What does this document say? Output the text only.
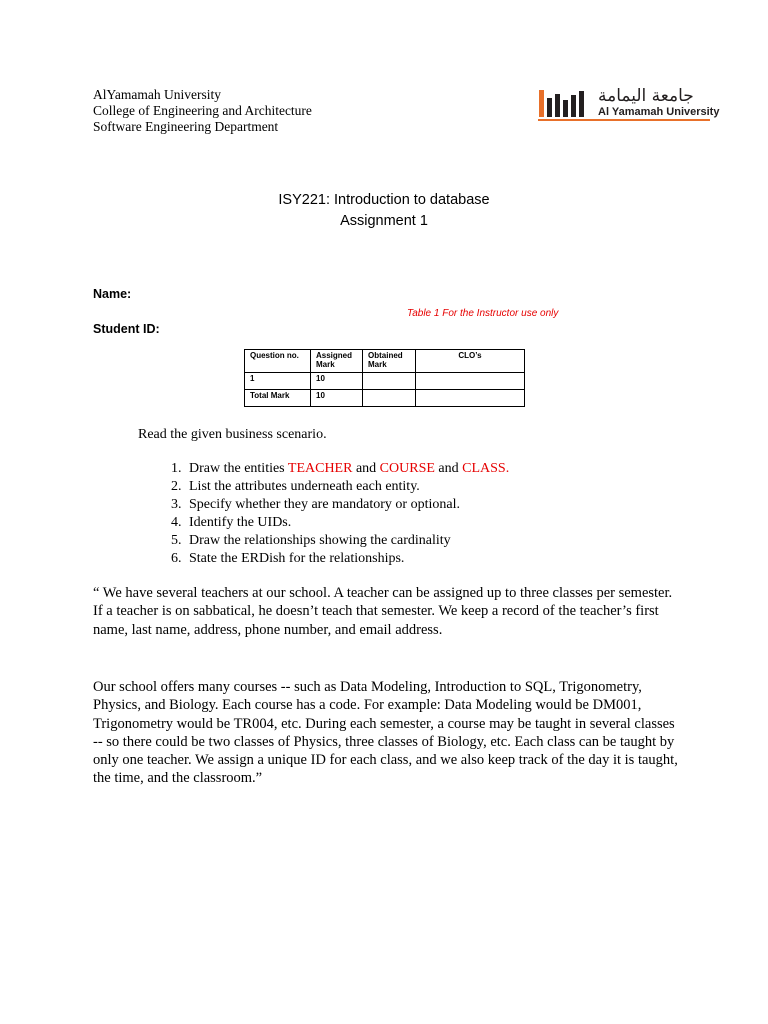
AlYamamah University
College of Engineering and Architecture
Software Engineering Department
جامعة اليمامة
Al Yamamah University
ISY221: Introduction to database
Assignment 1
Name:
Student ID:
Table 1 For the Instructor use only
Question no.	Assigned Mark	Obtained Mark	CLO’s
1	10		
Total Mark	10		
Read the given business scenario.
1. Draw the entities TEACHER and COURSE and CLASS.
2. List the attributes underneath each entity.
3. Specify whether they are mandatory or optional.
4. Identify the UIDs.
5. Draw the relationships showing the cardinality
6. State the ERDish for the relationships.
“ We have several teachers at our school. A teacher can be assigned up to three classes per semester. If a teacher is on sabbatical, he doesn’t teach that semester. We keep a record of the teacher’s first name, last name, address, phone number, and email address.
Our school offers many courses -- such as Data Modeling, Introduction to SQL, Trigonometry, Physics, and Biology. Each course has a code. For example: Data Modeling would be DM001, Trigonometry would be TR004, etc. During each semester, a course may be taught in several classes -- so there could be two classes of Physics, three classes of Biology, etc. Each class can be taught by only one teacher. We assign a unique ID for each class, and we also keep track of the day it is taught, the time, and the classroom.”
